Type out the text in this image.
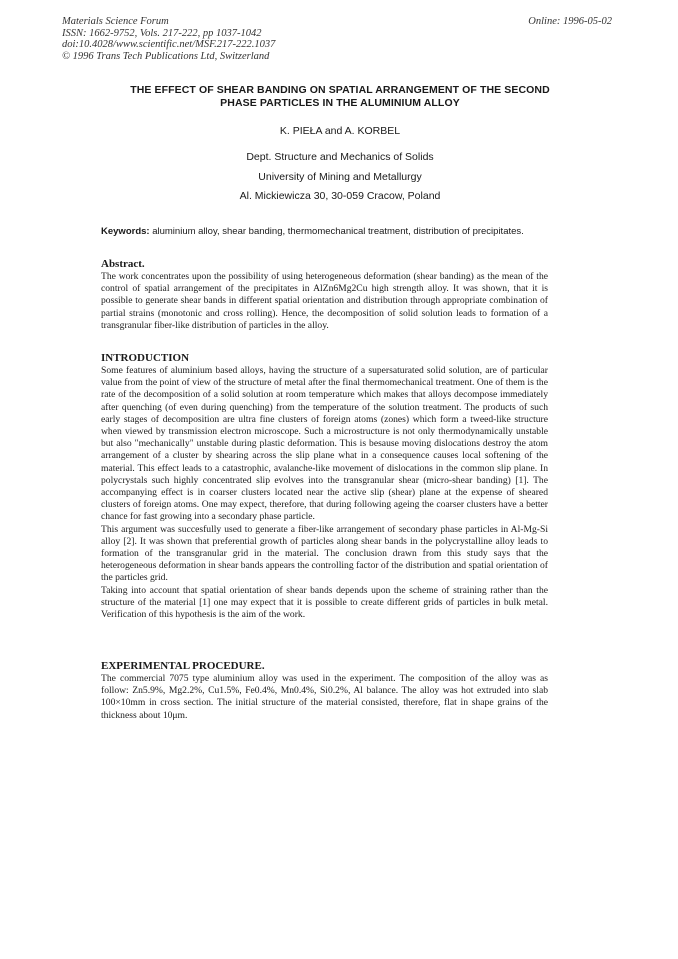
Materials Science Forum
ISSN: 1662-9752, Vols. 217-222, pp 1037-1042
doi:10.4028/www.scientific.net/MSF.217-222.1037
© 1996 Trans Tech Publications Ltd, Switzerland
Online: 1996-05-02
THE EFFECT OF SHEAR BANDING ON SPATIAL ARRANGEMENT OF THE SECOND
PHASE PARTICLES IN THE ALUMINIUM ALLOY
K. PIEŁA and A. KORBEL
Dept. Structure and Mechanics of Solids
University of Mining and Metallurgy
Al. Mickiewicza 30, 30-059 Cracow, Poland
Keywords: aluminium alloy, shear banding, thermomechanical treatment, distribution of precipitates.

Abstract.

The work concentrates upon the possibility of using heterogeneous deformation (shear banding) as the mean of the control of spatial arrangement of the precipitates in AlZn6Mg2Cu high strength alloy. It was shown, that it is possible to generate shear bands in different spatial orientation and distribution through appropriate combination of partial strains (monotonic and cross rolling). Hence, the decomposition of solid solution leads to formation of a transgranular fiber-like distribution of particles in the alloy.

INTRODUCTION

Some features of aluminium based alloys, having the structure of a supersaturated solid solution, are of particular value from the point of view of the structure of metal after the final thermomechanical treatment. One of them is the rate of the decomposition of a solid solution at room temperature which makes that alloys decompose immediately after quenching (of even during quenching) from the temperature of the solution treatment. The products of such early stages of decomposition are ultra fine clusters of foreign atoms (zones) which form a tweed-like structure when viewed by transmission electron microscope. Such a microstructure is not only thermodynamically unstable but also "mechanically" unstable during plastic deformation. This is besause moving dislocations destroy the atom arrangement of a cluster by shearing across the slip plane what in a consequence causes local softening of the material. This effect leads to a catastrophic, avalanche-like movement of dislocations in the common slip plane. In polycrystals such highly concentrated slip evolves into the transgranular shear (micro-shear banding) [1]. The accompanying effect is in coarser clusters located near the active slip (shear) plane at the expense of sheared clusters of foreign atoms. One may expect, therefore, that during following ageing the coarser clusters have a better chance for fast growing into a secondary phase particle.

This argument was succesfully used to generate a fiber-like arrangement of secondary phase particles in Al-Mg-Si alloy [2]. It was shown that preferential growth of particles along shear bands in the polycrystalline alloy leads to formation of the transgranular grid in the material. The conclusion drawn from this study says that the heterogeneous deformation in shear bands appears the controlling factor of the distribution and spatial orientation of the particles grid.

Taking into account that spatial orientation of shear bands depends upon the scheme of straining rather than the structure of the material [1] one may expect that it is possible to create different grids of particles in bulk metal. Verification of this hypothesis is the aim of the work.

EXPERIMENTAL PROCEDURE.

The commercial 7075 type aluminium alloy was used in the experiment. The composition of the alloy was as follow: Zn5.9%, Mg2.2%, Cu1.5%, Fe0.4%, Mn0.4%, Si0.2%, Al balance. The alloy was hot extruded into slab 100×10mm in cross section. The initial structure of the material consisted, therefore, flat in shape grains of the thickness about 10μm.
